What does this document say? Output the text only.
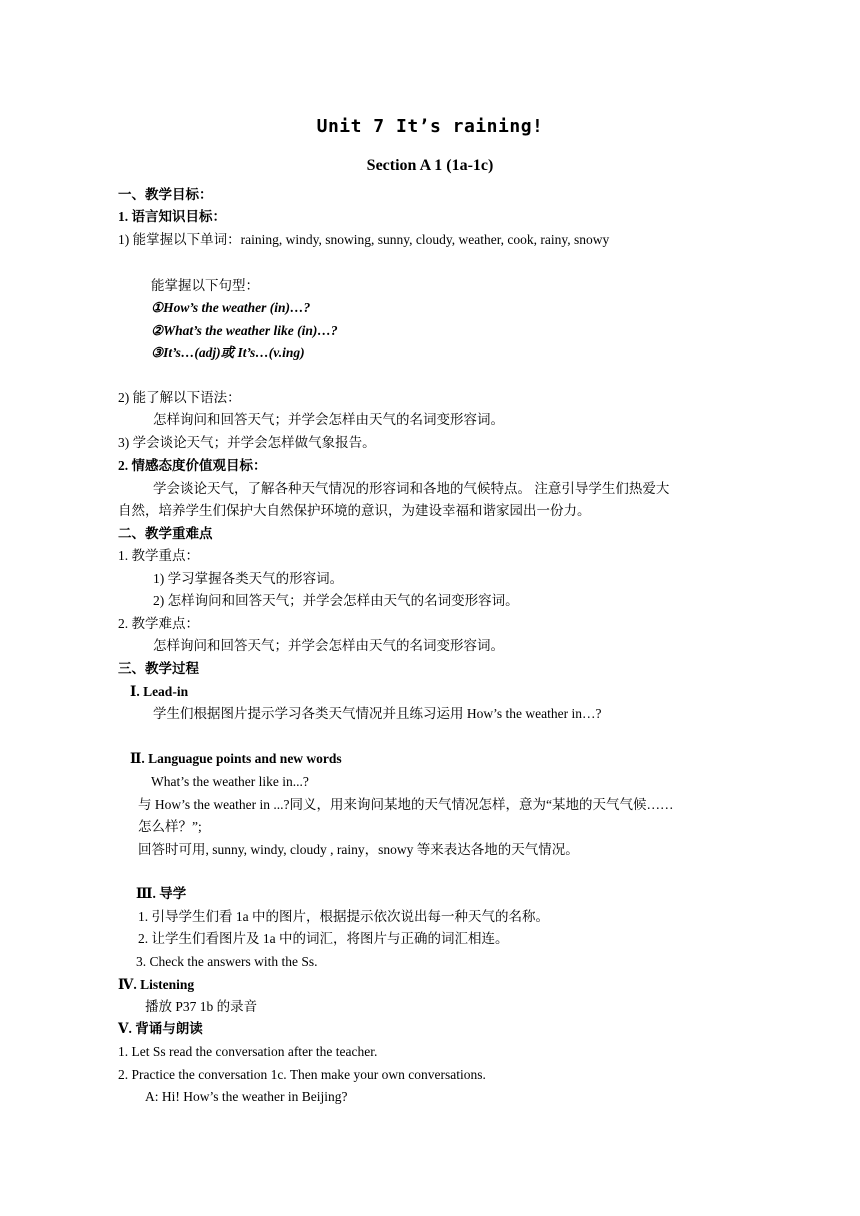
Unit 7 It’s raining!
Section A 1 (1a-1c)
一、教学目标：
1. 语言知识目标：
1) 能掌握以下单词：raining, windy, snowing, sunny, cloudy, weather, cook, rainy, snowy
能掌握以下句型：
①How’s the weather (in)…?
②What’s the weather like (in)…?
③It’s…(adj)或 It’s…(v.ing)
2) 能了解以下语法：
怎样询问和回答天气；并学会怎样由天气的名词变形容词。
3) 学会谈论天气；并学会怎样做气象报告。
2. 情感态度价值观目标：
学会谈论天气，了解各种天气情况的形容词和各地的气候特点。 注意引导学生们热爱大
自然，培养学生们保护大自然保护环境的意识，为建设幸福和谐家园出一份力。
二、教学重难点
1. 教学重点：
1) 学习掌握各类天气的形容词。
2) 怎样询问和回答天气；并学会怎样由天气的名词变形容词。
2. 教学难点：
怎样询问和回答天气；并学会怎样由天气的名词变形容词。
三、教学过程
Ⅰ. Lead-in
学生们根据图片提示学习各类天气情况并且练习运用 How’s the weather in…?
Ⅱ. Languague points and new words
What’s the weather like in...?
与 How’s the weather in ...?同义，用来询问某地的天气情况怎样，意为“某地的天气气候……
怎么样？”;
回答时可用, sunny, windy, cloudy , rainy，snowy 等来表达各地的天气情况。
Ⅲ. 导学
1. 引导学生们看 1a 中的图片，根据提示依次说出每一种天气的名称。
2. 让学生们看图片及 1a 中的词汇，将图片与正确的词汇相连。
3. Check the answers with the Ss.
Ⅳ. Listening
播放 P37 1b 的录音
Ⅴ. 背诵与朗读
1. Let Ss read the conversation after the teacher.
2. Practice the conversation 1c. Then make your own conversations.
A: Hi! How’s the weather in Beijing?
